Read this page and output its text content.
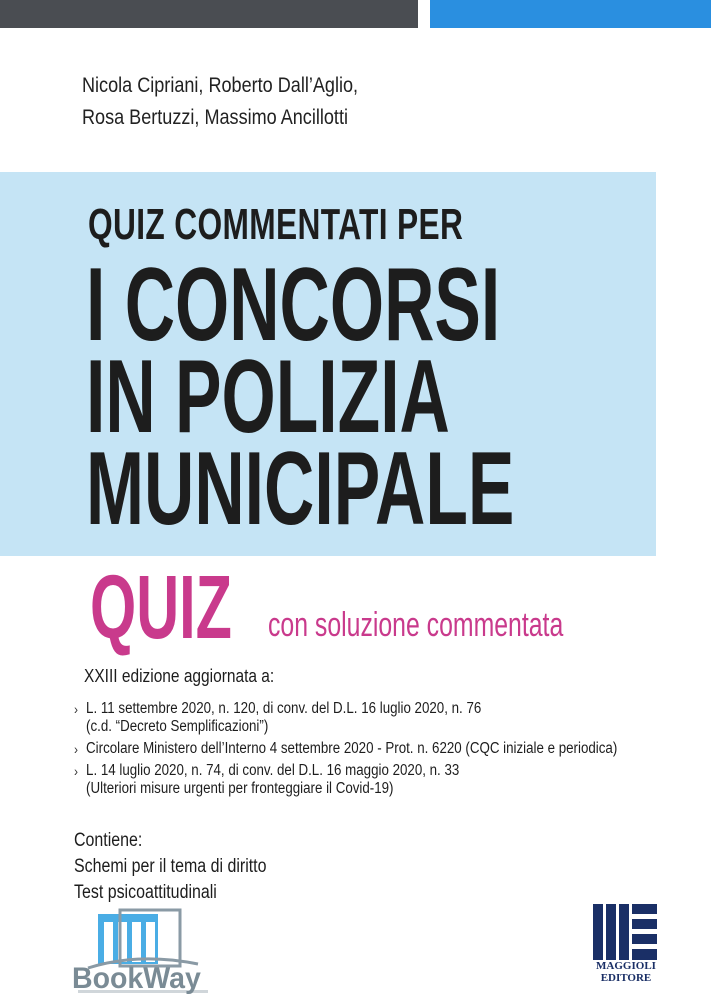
Nicola Cipriani, Roberto Dall’Aglio,
Rosa Bertuzzi, Massimo Ancillotti
QUIZ COMMENTATI PER
I CONCORSI
IN POLIZIA
MUNICIPALE
QUIZ con soluzione commentata
XXIII edizione aggiornata a:
› L. 11 settembre 2020, n. 120, di conv. del D.L. 16 luglio 2020, n. 76
(c.d. “Decreto Semplificazioni”)
› Circolare Ministero dell’Interno 4 settembre 2020 - Prot. n. 6220 (CQC iniziale e periodica)
› L. 14 luglio 2020, n. 74, di conv. del D.L. 16 maggio 2020, n. 33
(Ulteriori misure urgenti per fronteggiare il Covid-19)
Contiene:
Schemi per il tema di diritto
Test psicoattitudinali
BookWay	MAGGIOLI
EDITORE
